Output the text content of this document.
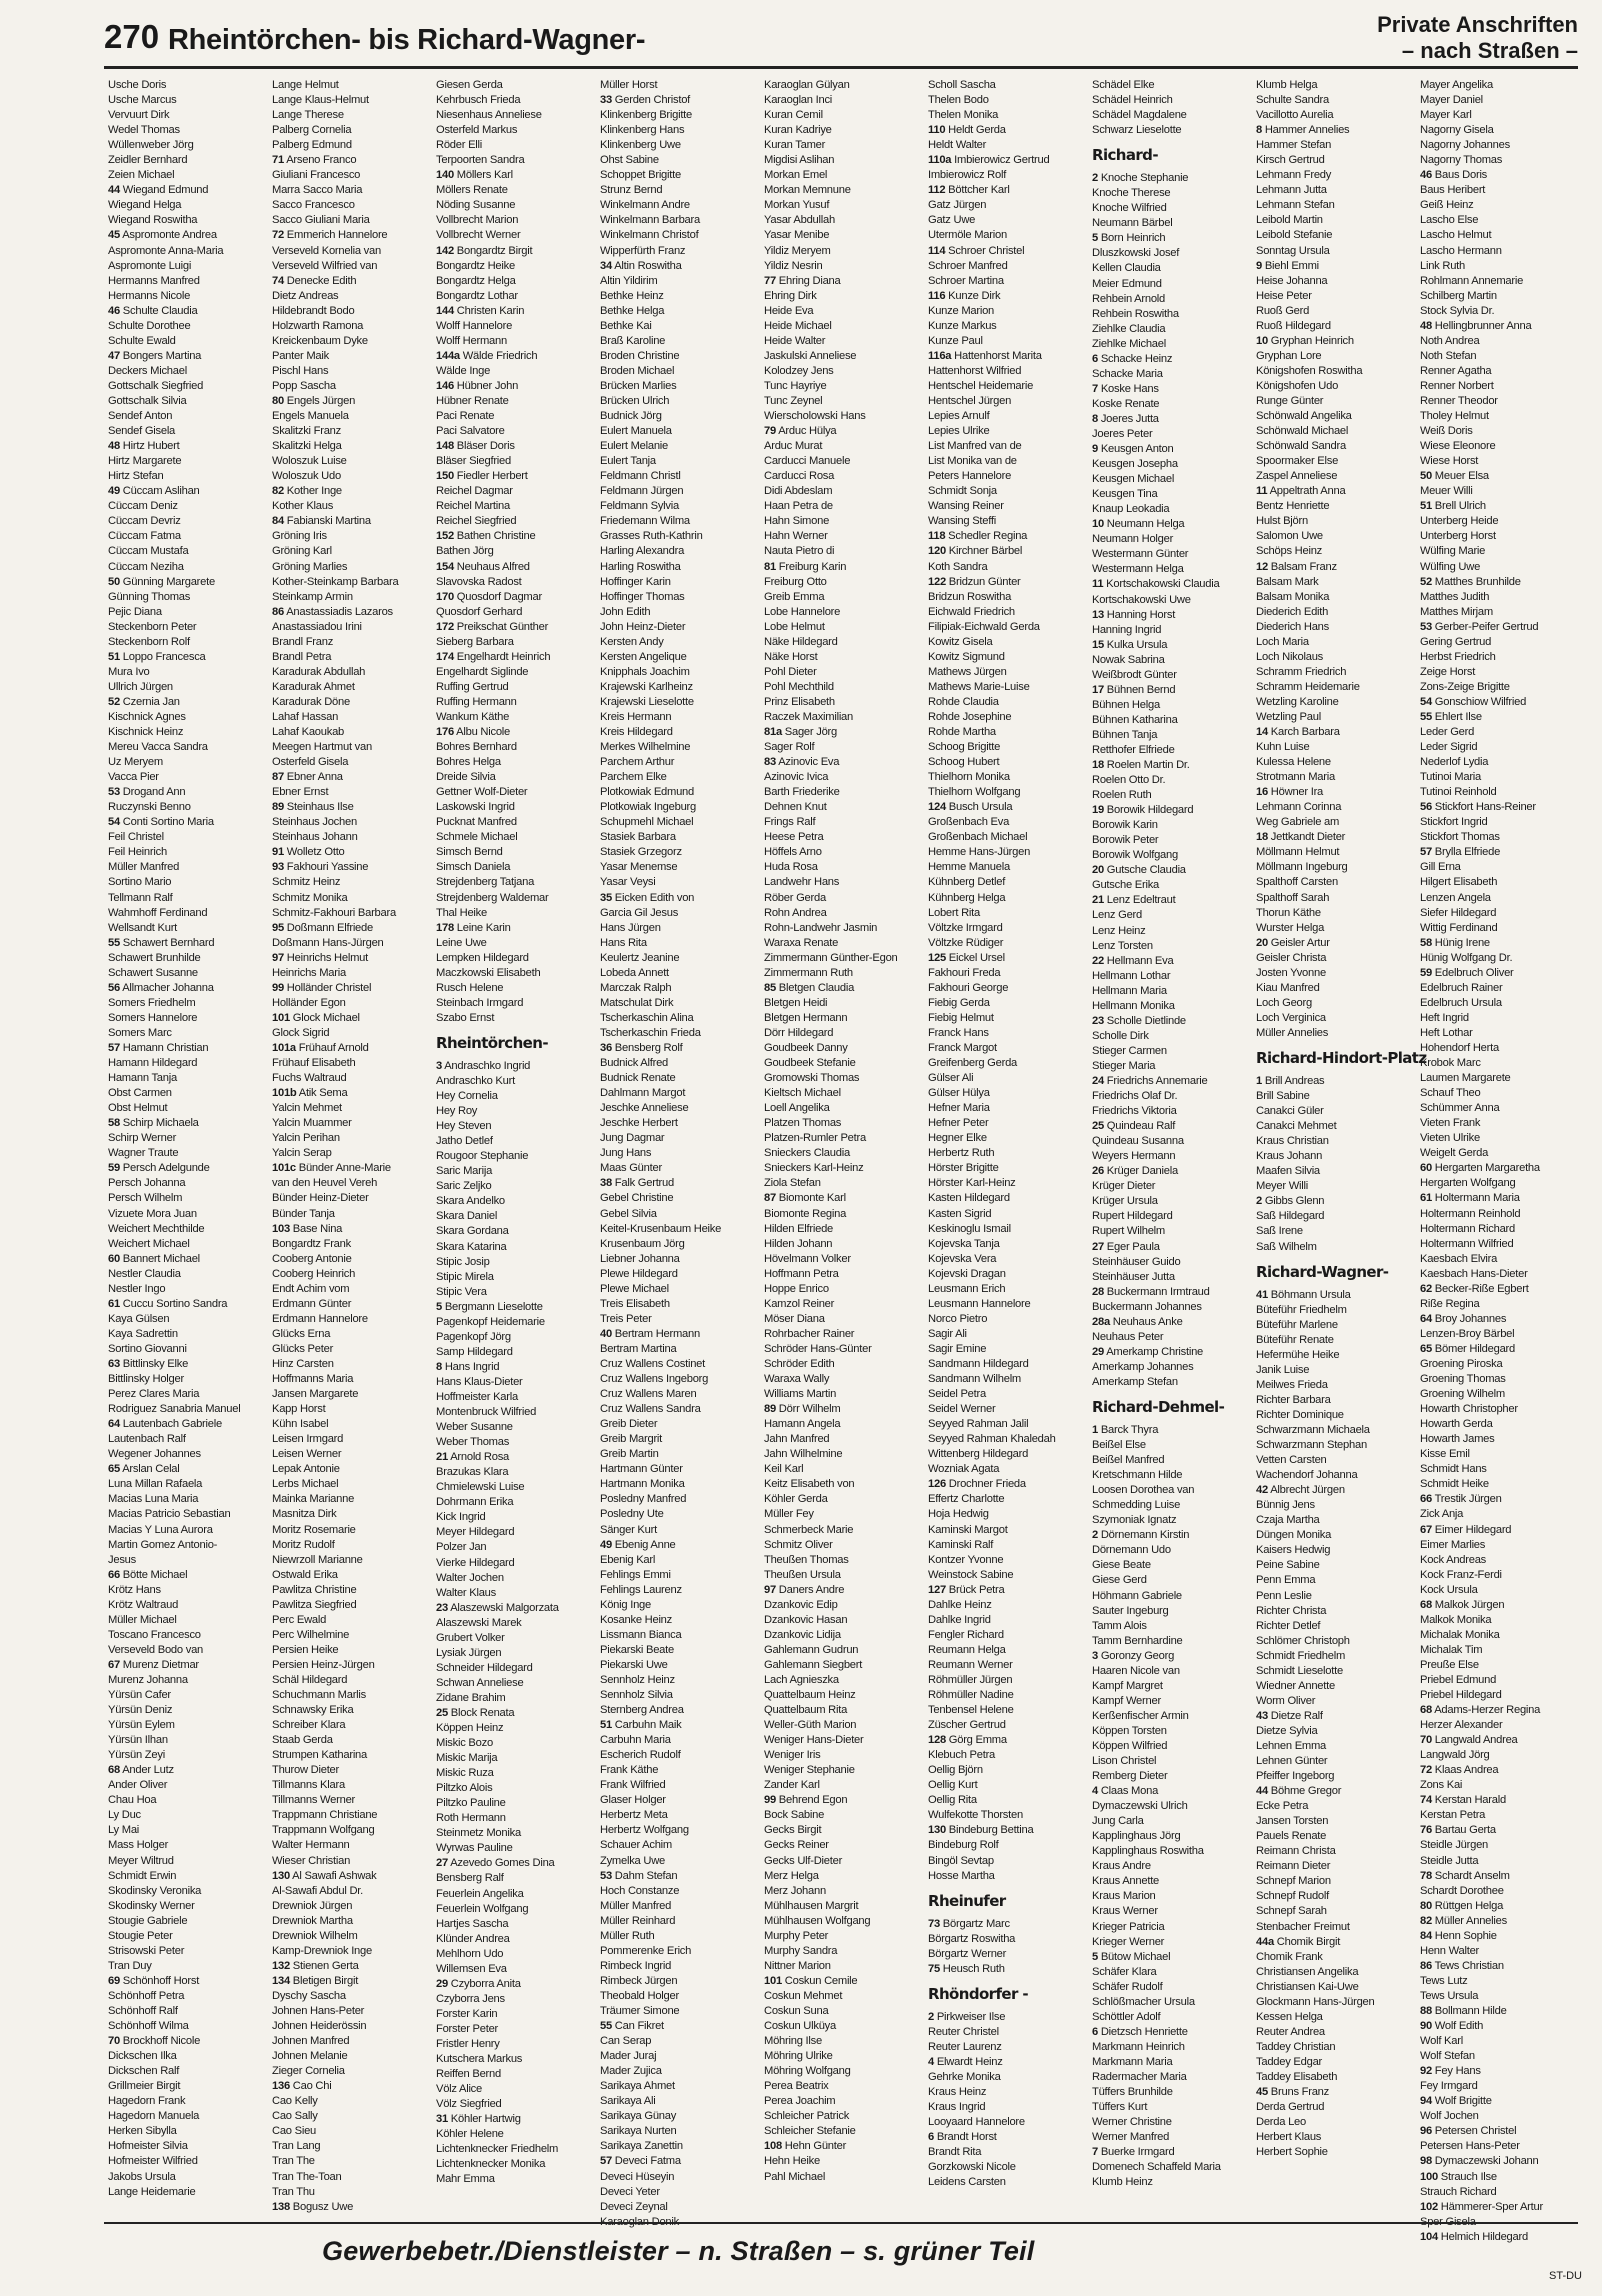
270 Rheintörchen- bis Richard-Wagner-	Private Anschriften
– nach Straßen –
Usche Doris
Usche Marcus
Vervuurt Dirk
Wedel Thomas
Wüllenweber Jörg
Zeidler Bernhard
Zeien Michael
44 Wiegand Edmund
Wiegand Helga
Wiegand Roswitha
45 Aspromonte Andrea
Aspromonte Anna-Maria
Aspromonte Luigi
Hermanns Manfred
Hermanns Nicole
46 Schulte Claudia
Schulte Dorothee
Schulte Ewald
47 Bongers Martina
Deckers Michael
Gottschalk Siegfried
Gottschalk Silvia
Sendef Anton
Sendef Gisela
48 Hirtz Hubert
Hirtz Margarete
Hirtz Stefan
49 Cüccam Aslihan
Cüccam Deniz
Cüccam Devriz
Cüccam Fatma
Cüccam Mustafa
Cüccam Neziha
50 Günning Margarete
Günning Thomas
Pejic Diana
Steckenborn Peter
Steckenborn Rolf
51 Loppo Francesca
Mura Ivo
Ullrich Jürgen
52 Czernia Jan
Kischnick Agnes
Kischnick Heinz
Mereu Vacca Sandra
Uz Meryem
Vacca Pier
53 Drogand Ann
Ruczynski Benno
54 Conti Sortino Maria
Feil Christel
Feil Heinrich
Müller Manfred
Sortino Mario
Tellmann Ralf
Wahmhoff Ferdinand
Wellsandt Kurt
55 Schawert Bernhard
Schawert Brunhilde
Schawert Susanne
56 Allmacher Johanna
Somers Friedhelm
Somers Hannelore
Somers Marc
57 Hamann Christian
Hamann Hildegard
Hamann Tanja
Obst Carmen
Obst Helmut
58 Schirp Michaela
Schirp Werner
Wagner Traute
59 Persch Adelgunde
Persch Johanna
Persch Wilhelm
Vizuete Mora Juan
Weichert Mechthilde
Weichert Michael
60 Bannert Michael
Nestler Claudia
Nestler Ingo
61 Cuccu Sortino Sandra
Kaya Gülsen
Kaya Sadrettin
Sortino Giovanni
63 Bittlinsky Elke
Bittlinsky Holger
Perez Clares Maria
Rodriguez Sanabria Manuel
64 Lautenbach Gabriele
Lautenbach Ralf
Wegener Johannes
65 Arslan Celal
Luna Millan Rafaela
Macias Luna Maria
Macias Patricio Sebastian
Macias Y Luna Aurora
Martin Gomez Antonio-
Jesus
66 Bötte Michael
Krötz Hans
Krötz Waltraud
Müller Michael
Toscano Francesco
Verseveld Bodo van
67 Murenz Dietmar
Murenz Johanna
Yürsün Cafer
Yürsün Deniz
Yürsün Eylem
Yürsün Ilhan
Yürsün Zeyi
68 Ander Lutz
Ander Oliver
Chau Hoa
Ly Duc
Ly Mai
Mass Holger
Meyer Wiltrud
Schmidt Erwin
Skodinsky Veronika
Skodinsky Werner
Stougie Gabriele
Stougie Peter
Strisowski Peter
Tran Duy
69 Schönhoff Horst
Schönhoff Petra
Schönhoff Ralf
Schönhoff Wilma
70 Brockhoff Nicole
Dickschen Ilka
Dickschen Ralf
Grillmeier Birgit
Hagedorn Frank
Hagedorn Manuela
Herken Sibylla
Hofmeister Silvia
Hofmeister Wilfried
Jakobs Ursula
Lange Heidemarie
Lange Helmut
Lange Klaus-Helmut
Lange Therese
Palberg Cornelia
Palberg Edmund
71 Arseno Franco
Giuliani Francesco
Marra Sacco Maria
Sacco Francesco
Sacco Giuliani Maria
72 Emmerich Hannelore
Verseveld Kornelia van
Verseveld Wilfried van
74 Denecke Edith
Dietz Andreas
Hildebrandt Bodo
Holzwarth Ramona
Kreickenbaum Dyke
Panter Maik
Pischl Hans
Popp Sascha
80 Engels Jürgen
Engels Manuela
Skalitzki Franz
Skalitzki Helga
Woloszuk Luise
Woloszuk Udo
82 Kother Inge
Kother Klaus
84 Fabianski Martina
Gröning Iris
Gröning Karl
Gröning Marlies
Kother-Steinkamp Barbara
Steinkamp Armin
86 Anastassiadis Lazaros
Anastassiadou Irini
Brandl Franz
Brandl Petra
Karadurak Abdullah
Karadurak Ahmet
Karadurak Döne
Lahaf Hassan
Lahaf Kaoukab
Meegen Hartmut van
Osterfeld Gisela
87 Ebner Anna
Ebner Ernst
89 Steinhaus Ilse
Steinhaus Jochen
Steinhaus Johann
91 Wolletz Otto
93 Fakhouri Yassine
Schmitz Heinz
Schmitz Monika
Schmitz-Fakhouri Barbara
95 Doßmann Elfriede
Doßmann Hans-Jürgen
97 Heinrichs Helmut
Heinrichs Maria
99 Holländer Christel
Holländer Egon
101 Glock Michael
Glock Sigrid
101a Frühauf Arnold
Frühauf Elisabeth
Fuchs Waltraud
101b Atik Sema
Yalcin Mehmet
Yalcin Muammer
Yalcin Perihan
Yalcin Serap
101c Bünder Anne-Marie
van den Heuvel Vereh
Bünder Heinz-Dieter
Bünder Tanja
103 Base Nina
Bongardtz Frank
Cooberg Antonie
Cooberg Heinrich
Endt Achim vom
Erdmann Günter
Erdmann Hannelore
Glücks Erna
Glücks Peter
Hinz Carsten
Hoffmanns Maria
Jansen Margarete
Kapp Horst
Kühn Isabel
Leisen Irmgard
Leisen Werner
Lepak Antonie
Lerbs Michael
Mainka Marianne
Masnitza Dirk
Moritz Rosemarie
Moritz Rudolf
Niewrzoll Marianne
Ostwald Erika
Pawlitza Christine
Pawlitza Siegfried
Perc Ewald
Perc Wilhelmine
Persien Heike
Persien Heinz-Jürgen
Schäl Hildegard
Schuchmann Marlis
Schnawsky Erika
Schreiber Klara
Staab Gerda
Strumpen Katharina
Thurow Dieter
Tillmanns Klara
Tillmanns Werner
Trappmann Christiane
Trappmann Wolfgang
Walter Hermann
Wieser Christian
130 Al Sawafi Ashwak
Al-Sawafi Abdul Dr.
Drewniok Jürgen
Drewniok Martha
Drewniok Wilhelm
Kamp-Drewniok Inge
132 Stienen Gerta
134 Bletigen Birgit
Dyschy Sascha
Johnen Hans-Peter
Johnen Heiderössin
Johnen Manfred
Johnen Melanie
Zieger Cornelia
136 Cao Chi
Cao Kelly
Cao Sally
Cao Sieu
Tran Lang
Tran The
Tran The-Toan
Tran Thu
138 Bogusz Uwe
Giesen Gerda
Kehrbusch Frieda
Niesenhaus Anneliese
Osterfeld Markus
Röder Elli
Terpoorten Sandra
140 Möllers Karl
Möllers Renate
Nöding Susanne
Vollbrecht Marion
Vollbrecht Werner
142 Bongardtz Birgit
Bongardtz Heike
Bongardtz Helga
Bongardtz Lothar
144 Christen Karin
Wolff Hannelore
Wolff Hermann
144a Wälde Friedrich
Wälde Inge
146 Hübner John
Hübner Renate
Paci Renate
Paci Salvatore
148 Bläser Doris
Bläser Siegfried
150 Fiedler Herbert
Reichel Dagmar
Reichel Martina
Reichel Siegfried
152 Bathen Christine
Bathen Jörg
154 Neuhaus Alfred
Slavovska Radost
170 Quosdorf Dagmar
Quosdorf Gerhard
172 Preikschat Günther
Sieberg Barbara
174 Engelhardt Heinrich
Engelhardt Siglinde
Ruffing Gertrud
Ruffing Hermann
Wankum Käthe
176 Albu Nicole
Bohres Bernhard
Bohres Helga
Dreide Silvia
Gettner Wolf-Dieter
Laskowski Ingrid
Pucknat Manfred
Schmele Michael
Simsch Bernd
Simsch Daniela
Strejdenberg Tatjana
Strejdenberg Waldemar
Thal Heike
178 Leine Karin
Leine Uwe
Lempken Hildegard
Maczkowski Elisabeth
Rusch Helene
Steinbach Irmgard
Szabo Ernst
Rheintörchen-
3 Andraschko Ingrid
Andraschko Kurt
Hey Cornelia
Hey Roy
Hey Steven
Jatho Detlef
Rougoor Stephanie
Saric Marija
Saric Zeljko
Skara Andelko
Skara Daniel
Skara Gordana
Skara Katarina
Stipic Josip
Stipic Mirela
Stipic Vera
5 Bergmann Lieselotte
Pagenkopf Heidemarie
Pagenkopf Jörg
Samp Hildegard
8 Hans Ingrid
Hans Klaus-Dieter
Hoffmeister Karla
Montenbruck Wilfried
Weber Susanne
Weber Thomas
21 Arnold Rosa
Brazukas Klara
Chmielewski Luise
Dohrmann Erika
Kick Ingrid
Meyer Hildegard
Polzer Jan
Vierke Hildegard
Walter Jochen
Walter Klaus
23 Alaszewski Malgorzata
Alaszewski Marek
Grubert Volker
Lysiak Jürgen
Schneider Hildegard
Schwan Anneliese
Zidane Brahim
25 Block Renata
Köppen Heinz
Miskic Bozo
Miskic Marija
Miskic Ruza
Piltzko Alois
Piltzko Pauline
Roth Hermann
Steinmetz Monika
Wyrwas Pauline
27 Azevedo Gomes Dina
Bensberg Ralf
Feuerlein Angelika
Feuerlein Wolfgang
Hartjes Sascha
Klünder Andrea
Mehlhorn Udo
Willemsen Eva
29 Czyborra Anita
Czyborra Jens
Forster Karin
Forster Peter
Fristler Henry
Kutschera Markus
Reiffen Bernd
Völz Alice
Völz Siegfried
31 Köhler Hartwig
Köhler Helene
Lichtenknecker Friedhelm
Lichtenknecker Monika
Mahr Emma
Müller Horst
33 Gerden Christof
Klinkenberg Brigitte
Klinkenberg Hans
Klinkenberg Uwe
Ohst Sabine
Schoppet Brigitte
Strunz Bernd
Winkelmann Andre
Winkelmann Barbara
Winkelmann Christof
Wipperfürth Franz
34 Altin Roswitha
Altin Yildirim
Bethke Heinz
Bethke Helga
Bethke Kai
Braß Karoline
Broden Christine
Broden Michael
Brücken Marlies
Brücken Ulrich
Budnick Jörg
Eulert Manuela
Eulert Melanie
Eulert Tanja
Feldmann Christl
Feldmann Jürgen
Feldmann Sylvia
Friedemann Wilma
Grasses Ruth-Kathrin
Harling Alexandra
Harling Roswitha
Hoffinger Karin
Hoffinger Thomas
John Edith
John Heinz-Dieter
Kersten Andy
Kersten Angelique
Knipphals Joachim
Krajewski Karlheinz
Krajewski Lieselotte
Kreis Hermann
Kreis Hildegard
Merkes Wilhelmine
Parchem Arthur
Parchem Elke
Plotkowiak Edmund
Plotkowiak Ingeburg
Schupmehl Michael
Stasiek Barbara
Stasiek Grzegorz
Yasar Menemse
Yasar Veysi
35 Eicken Edith von
Garcia Gil Jesus
Hans Jürgen
Hans Rita
Keulertz Jeanine
Lobeda Annett
Marczak Ralph
Matschulat Dirk
Tscherkaschin Alina
Tscherkaschin Frieda
36 Bensberg Rolf
Budnick Alfred
Budnick Renate
Dahlmann Margot
Jeschke Anneliese
Jeschke Herbert
Jung Dagmar
Jung Hans
Maas Günter
38 Falk Gertrud
Gebel Christine
Gebel Silvia
Keitel-Krusenbaum Heike
Krusenbaum Jörg
Liebner Johanna
Plewe Hildegard
Plewe Michael
Treis Elisabeth
Treis Peter
40 Bertram Hermann
Bertram Martina
Cruz Wallens Costinet
Cruz Wallens Ingeborg
Cruz Wallens Maren
Cruz Wallens Sandra
Greib Dieter
Greib Margrit
Greib Martin
Hartmann Günter
Hartmann Monika
Posledny Manfred
Posledny Ute
Sänger Kurt
49 Ebenig Anne
Ebenig Karl
Fehlings Emmi
Fehlings Laurenz
König Inge
Kosanke Heinz
Lissmann Bianca
Piekarski Beate
Piekarski Uwe
Sennholz Heinz
Sennholz Silvia
Sternberg Andrea
51 Carbuhn Maik
Carbuhn Maria
Escherich Rudolf
Frank Käthe
Frank Wilfried
Glaser Holger
Herbertz Meta
Herbertz Wolfgang
Schauer Achim
Zymelka Uwe
53 Dahm Stefan
Hoch Constanze
Müller Manfred
Müller Reinhard
Müller Ruth
Pommerenke Erich
Rimbeck Ingrid
Rimbeck Jürgen
Theobald Holger
Träumer Simone
55 Can Fikret
Can Serap
Mader Juraj
Mader Zujica
Sarikaya Ahmet
Sarikaya Ali
Sarikaya Günay
Sarikaya Nurten
Sarikaya Zanettin
57 Deveci Fatma
Deveci Hüseyin
Deveci Yeter
Deveci Zeynal
Karaoglan Gülyan
Karaoglan Inci
Kuran Cemil
Kuran Kadriye
Kuran Tamer
Migdisi Aslihan
Morkan Emel
Morkan Memnune
Morkan Yusuf
Yasar Abdullah
Yasar Menibe
Yildiz Meryem
Yildiz Nesrin
77 Ehring Diana
Ehring Dirk
Heide Eva
Heide Michael
Heide Walter
Jaskulski Anneliese
Kolodzey Jens
Tunc Hayriye
Tunc Zeynel
Wierscholowski Hans
79 Arduc Hülya
Arduc Murat
Carducci Manuele
Carducci Rosa
Didi Abdeslam
Haan Petra de
Hahn Simone
Hahn Werner
Nauta Pietro di
81 Freiburg Karin
Freiburg Otto
Greib Emma
Lobe Hannelore
Lobe Helmut
Näke Hildegard
Näke Horst
Pohl Dieter
Pohl Mechthild
Prinz Elisabeth
Raczek Maximilian
81a Sager Jörg
Sager Rolf
83 Azinovic Eva
Azinovic Ivica
Barth Friederike
Dehnen Knut
Frings Ralf
Heese Petra
Höffels Arno
Huda Rosa
Landwehr Hans
Röber Gerda
Rohn Andrea
Rohn-Landwehr Jasmin
Waraxa Renate
Zimmermann Günther-Egon
Zimmermann Ruth
85 Bletgen Claudia
Bletgen Heidi
Bletgen Hermann
Dörr Hildegard
Goudbeek Danny
Goudbeek Stefanie
Gromowski Thomas
Kieltsch Michael
Loell Angelika
Platzen Thomas
Platzen-Rumler Petra
Snieckers Claudia
Snieckers Karl-Heinz
Ziola Stefan
87 Biomonte Karl
Biomonte Regina
Hilden Elfriede
Hilden Johann
Hövelmann Volker
Hoffmann Petra
Hoppe Enrico
Kamzol Reiner
Möser Diana
Rohrbacher Rainer
Schröder Hans-Günter
Schröder Edith
Waraxa Wally
Williams Martin
89 Dörr Wilhelm
Hamann Angela
Jahn Manfred
Jahn Wilhelmine
Keil Karl
Keitz Elisabeth von
Köhler Gerda
Müller Fey
Schmerbeck Marie
Schmitz Oliver
Theußen Thomas
Theußen Ursula
97 Daners Andre
Dzankovic Edip
Dzankovic Hasan
Dzankovic Lidija
Gahlemann Gudrun
Gahlemann Siegbert
Lach Agnieszka
Quattelbaum Heinz
Quattelbaum Rita
Weller-Güth Marion
Weniger Hans-Dieter
Weniger Iris
Weniger Stephanie
Zander Karl
99 Behrend Egon
Bock Sabine
Gecks Birgit
Gecks Reiner
Gecks Ulf-Dieter
Merz Helga
Merz Johann
Mühlhausen Margrit
Mühlhausen Wolfgang
Murphy Peter
Murphy Sandra
Nittner Marion
101 Coskun Cemile
Coskun Mehmet
Coskun Suna
Coskun Ulküya
Möhring Ilse
Möhring Ulrike
Möhring Wolfgang
Perea Beatrix
Perea Joachim
Schleicher Patrick
Schleicher Stefanie
108 Hehn Günter
Hehn Heike
Pahl Michael
Scholl Sascha
Thelen Bodo
Thelen Monika
110 Heldt Gerda
Heldt Walter
110a Imbierowicz Gertrud
Imbierowicz Rolf
112 Böttcher Karl
Gatz Jürgen
Gatz Uwe
Utermöle Marion
114 Schroer Christel
Schroer Manfred
Schroer Martina
116 Kunze Dirk
Kunze Marion
Kunze Markus
Kunze Paul
116a Hattenhorst Marita
Hattenhorst Wilfried
Hentschel Heidemarie
Hentschel Jürgen
Lepies Arnulf
Lepies Ulrike
List Manfred van de
List Monika van de
Peters Hannelore
Schmidt Sonja
Wansing Reiner
Wansing Steffi
118 Schedler Regina
120 Kirchner Bärbel
Koth Sandra
122 Bridzun Günter
Bridzun Roswitha
Eichwald Friedrich
Filipiak-Eichwald Gerda
Kowitz Gisela
Kowitz Sigmund
Mathews Jürgen
Mathews Marie-Luise
Rohde Claudia
Rohde Josephine
Rohde Martha
Schoog Brigitte
Schoog Hubert
Thielhorn Monika
Thielhorn Wolfgang
124 Busch Ursula
Großenbach Eva
Großenbach Michael
Hemme Hans-Jürgen
Hemme Manuela
Kühnberg Detlef
Kühnberg Helga
Lobert Rita
Völtzke Irmgard
Völtzke Rüdiger
125 Eickel Ursel
Fakhouri Freda
Fakhouri George
Fiebig Gerda
Fiebig Helmut
Franck Hans
Franck Margot
Greifenberg Gerda
Gülser Ali
Gülser Hülya
Hefner Maria
Hefner Peter
Hegner Elke
Herbertz Ruth
Hörster Brigitte
Hörster Karl-Heinz
Kasten Hildegard
Kasten Sigrid
Keskinoglu Ismail
Kojevska Tanja
Kojevska Vera
Kojevski Dragan
Leusmann Erich
Leusmann Hannelore
Norco Pietro
Sagir Ali
Sagir Emine
Sandmann Hildegard
Sandmann Wilhelm
Seidel Petra
Seidel Werner
Seyyed Rahman Jalil
Seyyed Rahman Khaledah
Wittenberg Hildegard
Wozniak Agata
126 Drochner Frieda
Effertz Charlotte
Hoja Hedwig
Kaminski Margot
Kaminski Ralf
Kontzer Yvonne
Weinstock Sabine
127 Brück Petra
Dahlke Heinz
Dahlke Ingrid
Fengler Richard
Reumann Helga
Reumann Werner
Röhmüller Jürgen
Röhmüller Nadine
Tenbensel Helene
Züscher Gertrud
128 Görg Emma
Klebuch Petra
Oellig Björn
Oellig Kurt
Oellig Rita
Wulfekotte Thorsten
130 Bindeburg Bettina
Bindeburg Rolf
Bingöl Sevtap
Hosse Martha
Rheinufer
73 Börgartz Marc
Börgartz Roswitha
Börgartz Werner
75 Heusch Ruth
Rhöndorfer -
2 Pirkweiser Ilse
Reuter Christel
Reuter Laurenz
4 Elwardt Heinz
Gehrke Monika
Kraus Heinz
Kraus Ingrid
Looyaard Hannelore
6 Brandt Horst
Brandt Rita
Gorzkowski Nicole
Leidens Carsten
Schädel Elke
Schädel Heinrich
Schädel Magdalene
Schwarz Lieselotte
Richard-
2 Knoche Stephanie
Knoche Therese
Knoche Wilfried
Neumann Bärbel
5 Born Heinrich
Dluszkowski Josef
Kellen Claudia
Meier Edmund
Rehbein Arnold
Rehbein Roswitha
Ziehlke Claudia
Ziehlke Michael
6 Schacke Heinz
Schacke Maria
7 Koske Hans
Koske Renate
8 Joeres Jutta
Joeres Peter
9 Keusgen Anton
Keusgen Josepha
Keusgen Michael
Keusgen Tina
Knaup Leokadia
10 Neumann Helga
Neumann Holger
Westermann Günter
Westermann Helga
11 Kortschakowski Claudia
Kortschakowski Uwe
13 Hanning Horst
Hanning Ingrid
15 Kulka Ursula
Nowak Sabrina
Weißbrodt Günter
17 Bühnen Bernd
Bühnen Helga
Bühnen Katharina
Bühnen Tanja
Retthofer Elfriede
18 Roelen Martin Dr.
Roelen Otto Dr.
Roelen Ruth
19 Borowik Hildegard
Borowik Karin
Borowik Peter
Borowik Wolfgang
20 Gutsche Claudia
Gutsche Erika
21 Lenz Edeltraut
Lenz Gerd
Lenz Heinz
Lenz Torsten
22 Hellmann Eva
Hellmann Lothar
Hellmann Maria
Hellmann Monika
23 Scholle Dietlinde
Scholle Dirk
Stieger Carmen
Stieger Maria
24 Friedrichs Annemarie
Friedrichs Olaf Dr.
Friedrichs Viktoria
25 Quindeau Ralf
Quindeau Susanna
Weyers Hermann
26 Krüger Daniela
Krüger Dieter
Krüger Ursula
Rupert Hildegard
Rupert Wilhelm
27 Eger Paula
Steinhäuser Guido
Steinhäuser Jutta
28 Buckermann Irmtraud
Buckermann Johannes
28a Neuhaus Anke
Neuhaus Peter
29 Amerkamp Christine
Amerkamp Johannes
Amerkamp Stefan
Richard-Dehmel-
1 Barck Thyra
Beißel Else
Beißel Manfred
Kretschmann Hilde
Loosen Dorothea van
Schmedding Luise
Szymoniak Ignatz
2 Dörnemann Kirstin
Dörnemann Udo
Giese Beate
Giese Gerd
Höhmann Gabriele
Sauter Ingeburg
Tamm Alois
Tamm Bernhardine
3 Goronzy Georg
Haaren Nicole van
Kampf Margret
Kampf Werner
Kerßenfischer Armin
Köppen Torsten
Köppen Wilfried
Lison Christel
Remberg Dieter
4 Claas Mona
Dymaczewski Ulrich
Jung Carla
Kapplinghaus Jörg
Kapplinghaus Roswitha
Kraus Andre
Kraus Annette
Kraus Marion
Kraus Werner
Krieger Patricia
Krieger Werner
5 Bütow Michael
Schäfer Klara
Schäfer Rudolf
Schlößmacher Ursula
Schöttler Adolf
6 Dietzsch Henriette
Markmann Heinrich
Markmann Maria
Radermacher Maria
Tüffers Brunhilde
Tüffers Kurt
Werner Christine
Werner Manfred
7 Buerke Irmgard
Domenech Schaffeld Maria
Klumb Heinz
Klumb Helga
Schulte Sandra
Vacillotto Aurelia
8 Hammer Annelies
Hammer Stefan
Kirsch Gertrud
Lehmann Fredy
Lehmann Jutta
Lehmann Stefan
Leibold Martin
Leibold Stefanie
Sonntag Ursula
9 Biehl Emmi
Heise Johanna
Heise Peter
Ruoß Gerd
Ruoß Hildegard
10 Gryphan Heinrich
Gryphan Lore
Königshofen Roswitha
Königshofen Udo
Runge Günter
Schönwald Angelika
Schönwald Michael
Schönwald Sandra
Spoormaker Else
Zaspel Anneliese
11 Appeltrath Anna
Bentz Henriette
Hulst Björn
Salomon Uwe
Schöps Heinz
12 Balsam Franz
Balsam Mark
Balsam Monika
Diederich Edith
Diederich Hans
Loch Maria
Loch Nikolaus
Schramm Friedrich
Schramm Heidemarie
Wetzling Karoline
Wetzling Paul
14 Karch Barbara
Kuhn Luise
Kulessa Helene
Strotmann Maria
16 Höwner Ira
Lehmann Corinna
Weg Gabriele am
18 Jettkandt Dieter
Möllmann Helmut
Möllmann Ingeburg
Spalthoff Carsten
Spalthoff Sarah
Thorun Käthe
Wurster Helga
20 Geisler Artur
Geisler Christa
Josten Yvonne
Kiau Manfred
Loch Georg
Loch Verginica
Müller Annelies
Richard-Hindort-Platz
1 Brill Andreas
Brill Sabine
Canakci Güler
Canakci Mehmet
Kraus Christian
Kraus Johann
Maafen Silvia
Meyer Willi
2 Gibbs Glenn
Saß Hildegard
Saß Irene
Saß Wilhelm
Richard-Wagner-
41 Böhmann Ursula
Büteführ Friedhelm
Büteführ Marlene
Büteführ Renate
Hefermühe Heike
Janik Luise
Meilwes Frieda
Richter Barbara
Richter Dominique
Schwarzmann Michaela
Schwarzmann Stephan
Vetten Carsten
Wachendorf Johanna
42 Albrecht Jürgen
Bünnig Jens
Czaja Martha
Düngen Monika
Kaisers Hedwig
Peine Sabine
Penn Emma
Penn Leslie
Richter Christa
Richter Detlef
Schlömer Christoph
Schmidt Friedhelm
Schmidt Lieselotte
Wiedner Annette
Worm Oliver
43 Dietze Ralf
Dietze Sylvia
Lehnen Emma
Lehnen Günter
Pfeiffer Ingeborg
44 Böhme Gregor
Ecke Petra
Jansen Torsten
Pauels Renate
Reimann Christa
Reimann Dieter
Schnepf Marion
Schnepf Rudolf
Schnepf Sarah
Stenbacher Freimut
44a Chomik Birgit
Chomik Frank
Christiansen Angelika
Christiansen Kai-Uwe
Glockmann Hans-Jürgen
Kessen Helga
Reuter Andrea
Taddey Christian
Taddey Edgar
Taddey Elisabeth
45 Bruns Franz
Derda Gertrud
Derda Leo
Herbert Klaus
Herbert Sophie
Mayer Angelika
Mayer Daniel
Mayer Karl
Nagorny Gisela
Nagorny Johannes
Nagorny Thomas
46 Baus Doris
Baus Heribert
Geiß Heinz
Lascho Else
Lascho Helmut
Lascho Hermann
Link Ruth
Rohlmann Annemarie
Schilberg Martin
Stock Sylvia Dr.
48 Hellingbrunner Anna
Noth Andrea
Noth Stefan
Renner Agatha
Renner Norbert
Renner Theodor
Tholey Helmut
Weiß Doris
Wiese Eleonore
Wiese Horst
50 Meuer Elsa
Meuer Willi
51 Brell Ulrich
Unterberg Heide
Unterberg Horst
Wülfing Marie
Wülfing Uwe
52 Matthes Brunhilde
Matthes Judith
Matthes Mirjam
53 Gerber-Peifer Gertrud
Gering Gertrud
Herbst Friedrich
Zeige Horst
Zons-Zeige Brigitte
54 Gonschiow Wilfried
55 Ehlert Ilse
Leder Gerd
Leder Sigrid
Nederlof Lydia
Tutinoi Maria
Tutinoi Reinhold
56 Stickfort Hans-Reiner
Stickfort Ingrid
Stickfort Thomas
57 Brylla Elfriede
Gill Erna
Hilgert Elisabeth
Lenzen Angela
Siefer Hildegard
Wittig Ferdinand
58 Hünig Irene
Hünig Wolfgang Dr.
59 Edelbruch Oliver
Edelbruch Rainer
Edelbruch Ursula
Heft Ingrid
Heft Lothar
Hohendorf Herta
Krobok Marc
Laumen Margarete
Schauf Theo
Schümmer Anna
Vieten Frank
Vieten Ulrike
Weigelt Gerda
60 Hergarten Margaretha
Hergarten Wolfgang
61 Holtermann Maria
Holtermann Reinhold
Holtermann Richard
Holtermann Wilfried
Kaesbach Elvira
Kaesbach Hans-Dieter
62 Becker-Riße Egbert
Riße Regina
64 Broy Johannes
Lenzen-Broy Bärbel
65 Bömer Hildegard
Groening Piroska
Groening Thomas
Groening Wilhelm
Howarth Christopher
Howarth Gerda
Howarth James
Kisse Emil
Schmidt Hans
Schmidt Heike
66 Trestik Jürgen
Zick Anja
67 Eimer Hildegard
Eimer Marlies
Kock Andreas
Kock Franz-Ferdi
Kock Ursula
68 Malkok Jürgen
Malkok Monika
Michalak Monika
Michalak Tim
Preuße Else
Priebel Edmund
Priebel Hildegard
68 Adams-Herzer Regina
Herzer Alexander
70 Langwald Andrea
Langwald Jörg
72 Klaas Andrea
Zons Kai
74 Kerstan Harald
Kerstan Petra
76 Bartau Gerta
Steidle Jürgen
Steidle Jutta
78 Schardt Anselm
Schardt Dorothee
80 Rüttgen Helga
82 Müller Annelies
84 Henn Sophie
Henn Walter
86 Tews Christian
Tews Lutz
Tews Ursula
88 Bollmann Hilde
90 Wolf Edith
Wolf Karl
Wolf Stefan
92 Fey Hans
Fey Irmgard
94 Wolf Brigitte
Wolf Jochen
96 Petersen Christel
Petersen Hans-Peter
98 Dymaczewski Johann
100 Strauch Ilse
Strauch Richard
102 Hämmerer-Sper Artur
104 Helmich Hildegard
Gewerbebetr./Dienstleister – n. Straßen – s. grüner Teil
ST-DU
